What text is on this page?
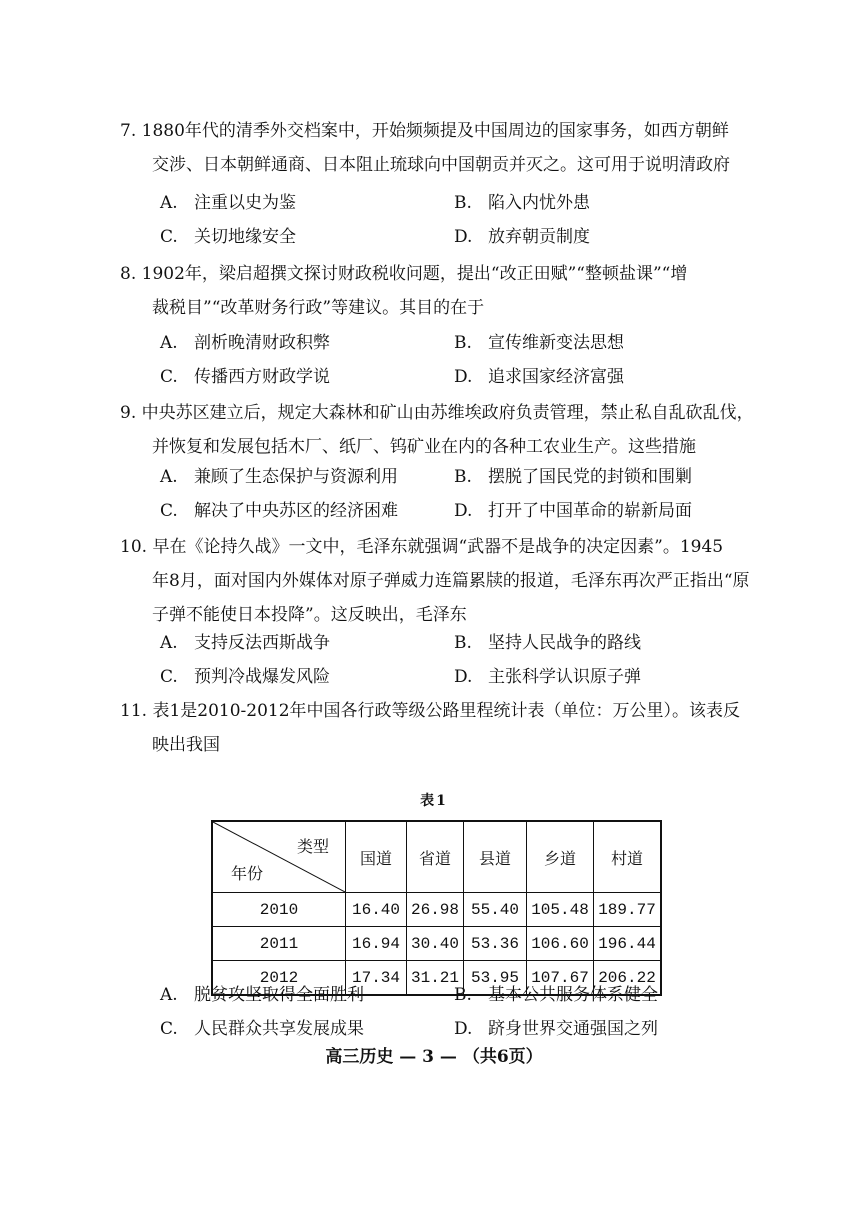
7. 1880年代的清季外交档案中，开始频频提及中国周边的国家事务，如西方朝鲜
交涉、日本朝鲜通商、日本阻止琉球向中国朝贡并灭之。这可用于说明清政府
A. 注重以史为鉴	B. 陷入内忧外患
C. 关切地缘安全	D. 放弃朝贡制度
8. 1902年，梁启超撰文探讨财政税收问题，提出“改正田赋”“整顿盐课”“增
裁税目”“改革财务行政”等建议。其目的在于
A. 剖析晚清财政积弊	B. 宣传维新变法思想
C. 传播西方财政学说	D. 追求国家经济富强
9. 中央苏区建立后，规定大森林和矿山由苏维埃政府负责管理，禁止私自乱砍乱伐，
并恢复和发展包括木厂、纸厂、钨矿业在内的各种工农业生产。这些措施
A. 兼顾了生态保护与资源利用	B. 摆脱了国民党的封锁和围剿
C. 解决了中央苏区的经济困难	D. 打开了中国革命的崭新局面
10. 早在《论持久战》一文中，毛泽东就强调“武器不是战争的决定因素”。1945
年8月，面对国内外媒体对原子弹威力连篇累牍的报道，毛泽东再次严正指出“原
子弹不能使日本投降”。这反映出，毛泽东
A. 支持反法西斯战争	B. 坚持人民战争的路线
C. 预判冷战爆发风险	D. 主张科学认识原子弹
11. 表1是2010-2012年中国各行政等级公路里程统计表（单位：万公里）。该表反
映出我国
表1
类型
年份	国道	省道	县道	乡道	村道
2010	16.40	26.98	55.40	105.48	189.77
2011	16.94	30.40	53.36	106.60	196.44
2012	17.34	31.21	53.95	107.67	206.22
A. 脱贫攻坚取得全面胜利	B. 基本公共服务体系健全
C. 人民群众共享发展成果	D. 跻身世界交通强国之列
高三历史 — 3 — （共6页）
